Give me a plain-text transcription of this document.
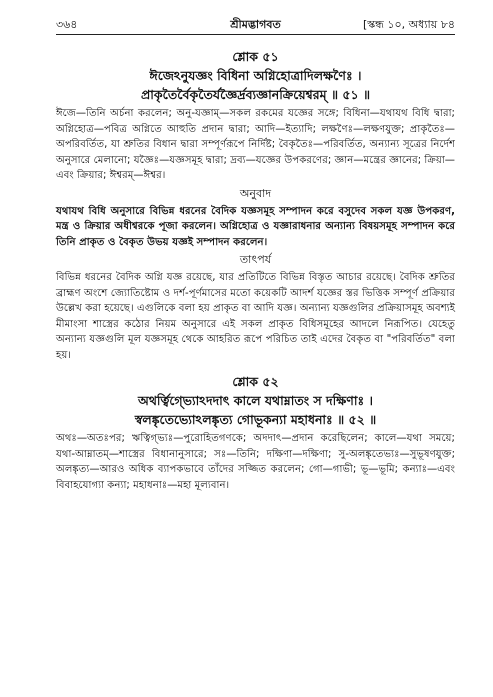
৩৬৪	শ্রীমদ্ভাগবত	[স্কন্ধ ১০, অধ্যায় ৮৪
শ্লোক ৫১
ঈজেঽনুযজ্ঞং বিধিনা অগ্নিহোত্রাদিলক্ষণৈঃ ।
প্রাকৃতৈর্বৈকৃতৈর্যজ্ঞৈর্দ্রব্যজ্ঞানক্রিয়েশ্বরম্‌ ॥ ৫১ ॥

ঈজে—তিনি অর্চনা করলেন; অনু-যজ্ঞাম্‌—সকল রকমের যজ্ঞের সঙ্গে; বিধিনা—যথাযথ বিধি দ্বারা; অগ্নিহোত্র—পবিত্র অগ্নিতে আহুতি প্রদান দ্বারা; আদি—ইত্যাদি; লক্ষণৈঃ—লক্ষণযুক্ত; প্রাকৃতৈঃ—অপরিবর্তিত, যা শ্রুতির বিধান দ্বারা সম্পূর্ণরূপে নির্দিষ্ট; বৈকৃতৈঃ—পরিবর্তিত, অন্যান্য সূত্রের নির্দেশ অনুসারে মেলানো; যজ্ঞৈঃ—যজ্ঞসমূহ দ্বারা; দ্রব্য—যজ্ঞের উপকরণের; জ্ঞান—মন্ত্রের জ্ঞানের; ক্রিয়া—এবং ক্রিয়ার; ঈশ্বরম্‌—ঈশ্বর।

অনুবাদ

যথাযথ বিধি অনুসারে বিভিন্ন ধরনের বৈদিক যজ্ঞসমূহ সম্পাদন করে বসুদেব সকল যজ্ঞ উপকরণ, মন্ত্র ও ক্রিয়ার অধীশ্বরকে পূজা করলেন। অগ্নিহোত্র ও যজ্ঞারাধনার অন্যান্য বিষয়সমূহ সম্পাদন করে তিনি প্রাকৃত ও বৈকৃত উভয় যজ্ঞই সম্পাদন করলেন।

তাৎপর্য

বিভিন্ন ধরনের বৈদিক অগ্নি যজ্ঞ রয়েছে, যার প্রতিটিতে বিভিন্ন বিস্তৃত আচার রয়েছে। বৈদিক শ্রুতির ব্রাহ্মণ অংশে জ্যোতিষ্টোম ও দর্শ-পূর্ণমাসের মতো কয়েকটি আদর্শ যজ্ঞের স্তর ভিত্তিক সম্পূর্ণ প্রক্রিয়ার উল্লেখ করা হয়েছে। এগুলিকে বলা হয় প্রাকৃত বা আদি যজ্ঞ। অন্যান্য যজ্ঞগুলির প্রক্রিয়াসমূহ অবশ্যই মীমাংসা শাস্ত্রের কঠোর নিয়ম অনুসারে এই সকল প্রাকৃত বিধিসমূহের আদলে নিরূপিত। যেহেতু অন্যান্য যজ্ঞগুলি মূল যজ্ঞসমূহ থেকে আহরিত রূপে পরিচিত তাই এদের বৈকৃত বা "পরিবর্তিত" বলা হয়।

শ্লোক ৫২
অথর্ত্বিগ্ভ্যোঽদদাৎ কালে যথাম্নাতং স দক্ষিণাঃ ।
স্বলঙ্কৃতেভ্যোঽলঙ্কৃত্য গোভূকন্যা মহাধনাঃ ॥ ৫২ ॥

অথঃ—অতঃপর; ঋত্বিগ্ভ্যঃ—পুরোহিতগণকে; অদদাৎ—প্রদান করেছিলেন; কালে—যথা সময়ে; যথা-আম্নাতম্‌—শাস্ত্রের বিধানানুসারে; সঃ—তিনি; দক্ষিণা—দক্ষিণা; সু-অলঙ্কৃতেভ্যঃ—সুভূষণযুক্ত; অলঙ্কৃত্য—আরও অধিক ব্যাপকভাবে তাঁদের সজ্জিত করলেন; গো—গাভী; ভূ—ভূমি; কন্যাঃ—এবং বিবাহযোগ্যা কন্যা; মহাধনাঃ—মহা মূল্যবান।
